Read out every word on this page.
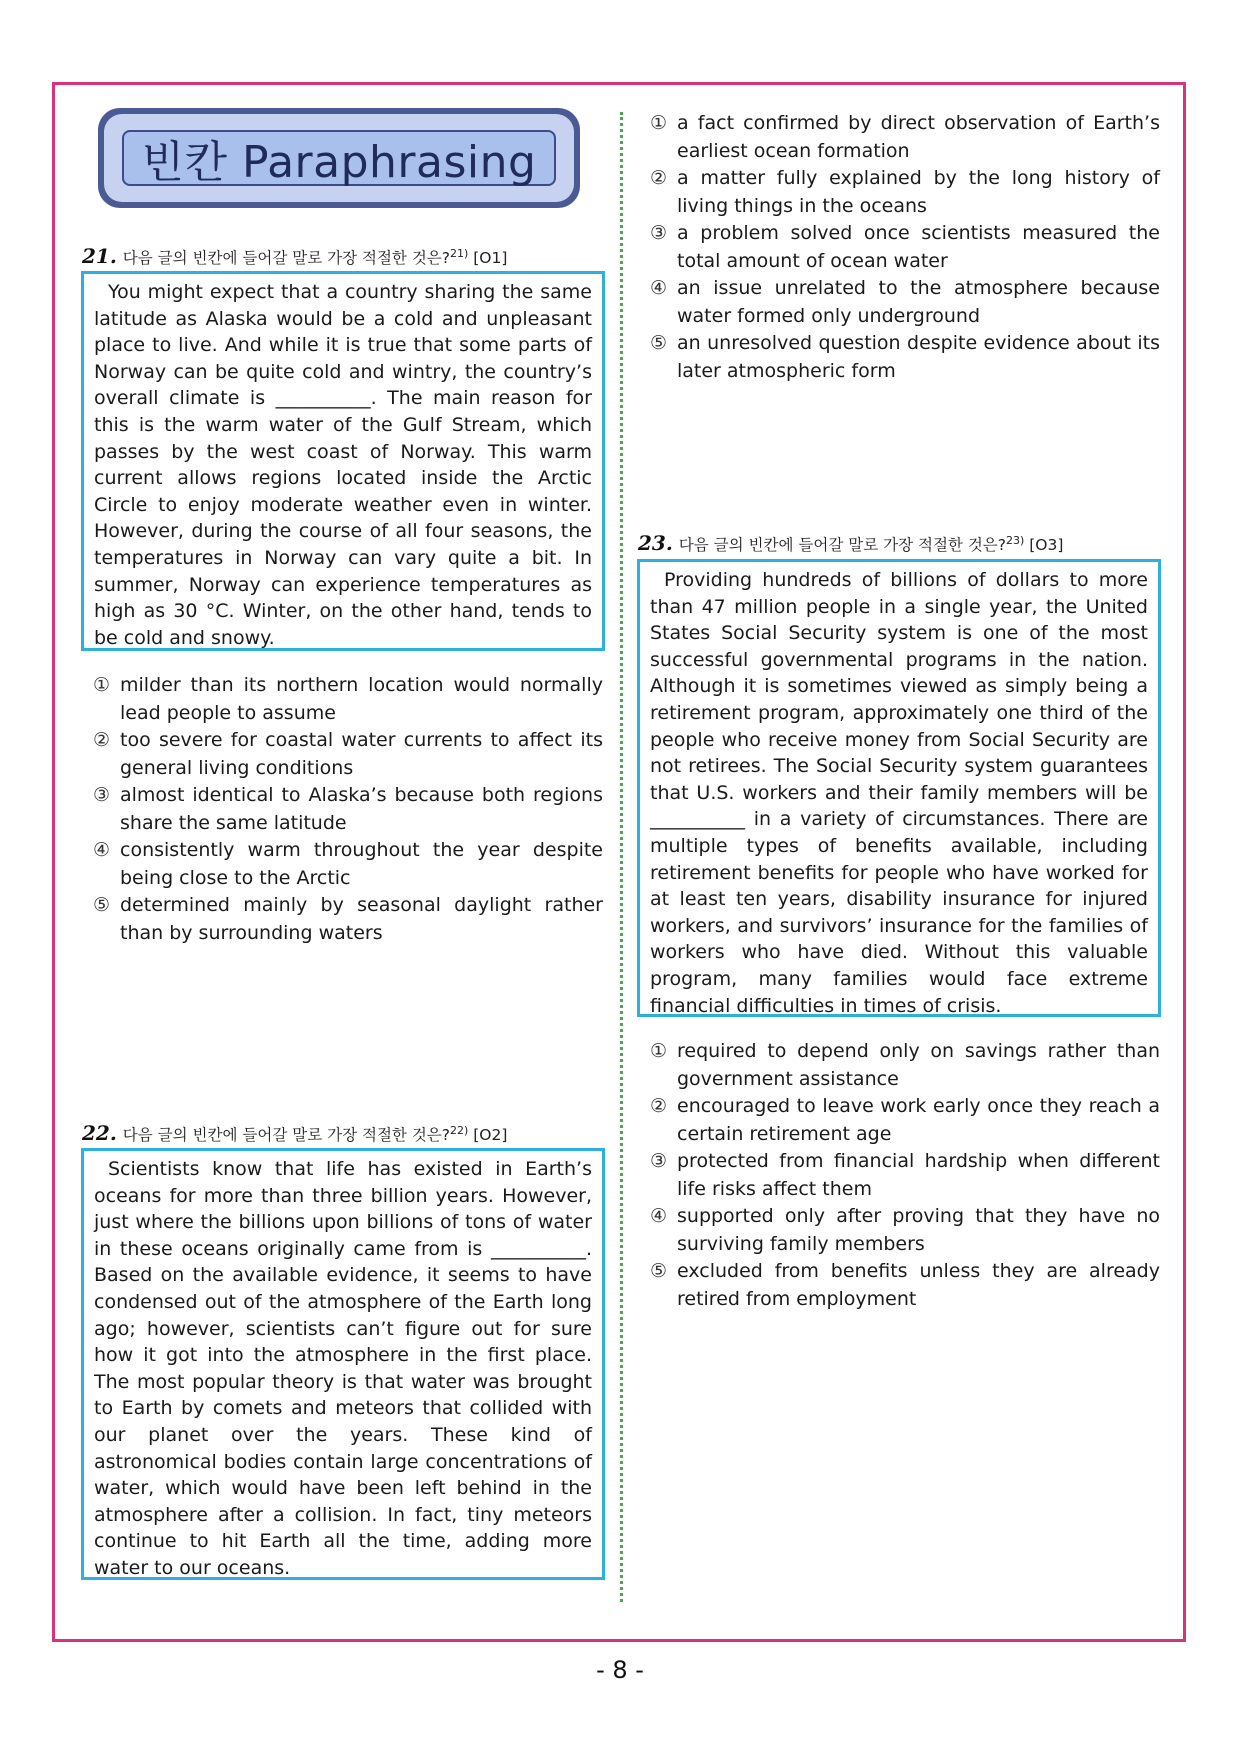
빈칸 Paraphrasing
21. 다음 글의 빈칸에 들어갈 말로 가장 적절한 것은?$^{21)}$ [O1]
You might expect that a country sharing the same latitude as Alaska would be a cold and unpleasant place to live. And while it is true that some parts of Norway can be quite cold and wintry, the country’s overall climate is __________. The main reason for this is the warm water of the Gulf Stream, which passes by the west coast of Norway. This warm current allows regions located inside the Arctic Circle to enjoy moderate weather even in winter. However, during the course of all four seasons, the temperatures in Norway can vary quite a bit. In summer, Norway can experience temperatures as high as 30 °C. Winter, on the other hand, tends to be cold and snowy.
① milder than its northern location would normally lead people to assume
② too severe for coastal water currents to affect its general living conditions
③ almost identical to Alaska’s because both regions share the same latitude
④ consistently warm throughout the year despite being close to the Arctic
⑤ determined mainly by seasonal daylight rather than by surrounding waters
22. 다음 글의 빈칸에 들어갈 말로 가장 적절한 것은?$^{22)}$ [O2]
Scientists know that life has existed in Earth’s oceans for more than three billion years. However, just where the billions upon billions of tons of water in these oceans originally came from is __________. Based on the available evidence, it seems to have condensed out of the atmosphere of the Earth long ago; however, scientists can’t figure out for sure how it got into the atmosphere in the first place. The most popular theory is that water was brought to Earth by comets and meteors that collided with our planet over the years. These kind of astronomical bodies contain large concentrations of water, which would have been left behind in the atmosphere after a collision. In fact, tiny meteors continue to hit Earth all the time, adding more water to our oceans.
① a fact confirmed by direct observation of Earth’s earliest ocean formation
② a matter fully explained by the long history of living things in the oceans
③ a problem solved once scientists measured the total amount of ocean water
④ an issue unrelated to the atmosphere because water formed only underground
⑤ an unresolved question despite evidence about its later atmospheric form
23. 다음 글의 빈칸에 들어갈 말로 가장 적절한 것은?$^{23)}$ [O3]
Providing hundreds of billions of dollars to more than 47 million people in a single year, the United States Social Security system is one of the most successful governmental programs in the nation. Although it is sometimes viewed as simply being a retirement program, approximately one third of the people who receive money from Social Security are not retirees. The Social Security system guarantees that U.S. workers and their family members will be __________ in a variety of circumstances. There are multiple types of benefits available, including retirement benefits for people who have worked for at least ten years, disability insurance for injured workers, and survivors’ insurance for the families of workers who have died. Without this valuable program, many families would face extreme financial difficulties in times of crisis.
① required to depend only on savings rather than government assistance
② encouraged to leave work early once they reach a certain retirement age
③ protected from financial hardship when different life risks affect them
④ supported only after proving that they have no surviving family members
⑤ excluded from benefits unless they are already retired from employment
- 8 -
